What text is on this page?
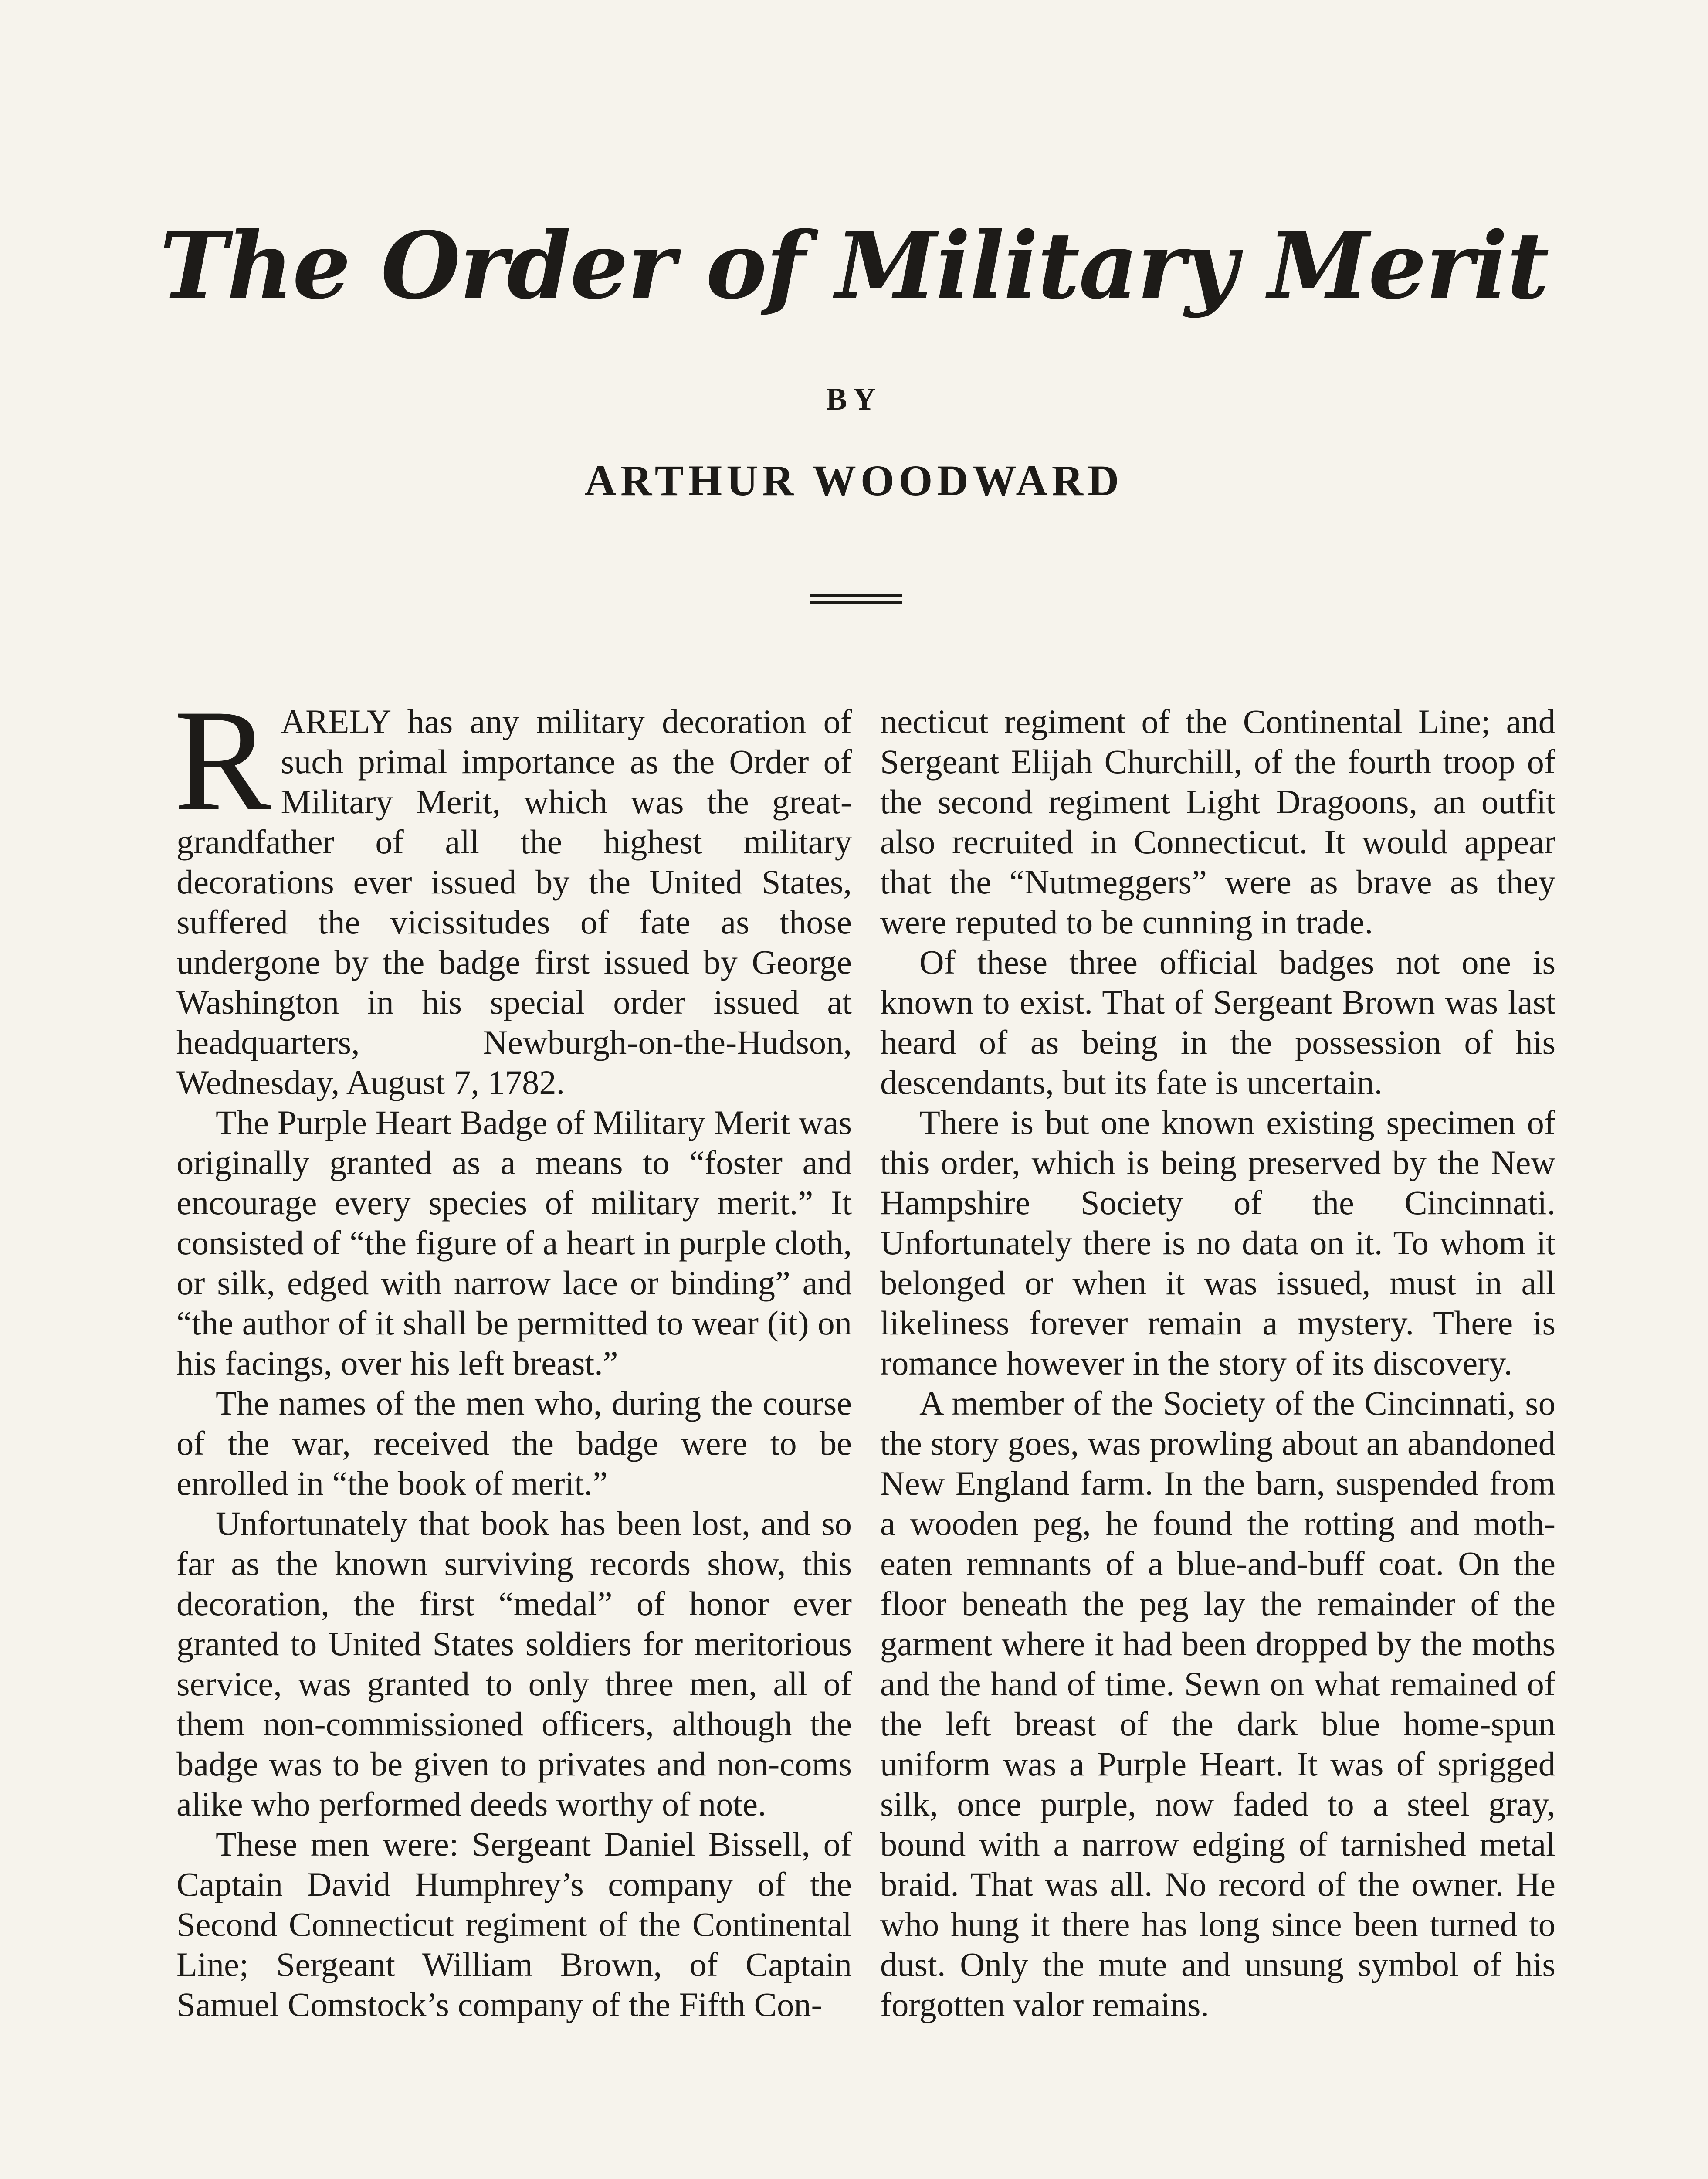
The Order of Military Merit
BY
ARTHUR WOODWARD

RARELY has any military decoration of such primal importance as the Order of Military Merit, which was the great-grandfather of all the highest military decorations ever issued by the United States, suffered the vicissitudes of fate as those undergone by the badge first issued by George Washington in his special order issued at headquarters, Newburgh-on-the-Hudson, Wednesday, August 7, 1782.

The Purple Heart Badge of Military Merit was originally granted as a means to “foster and encourage every species of military merit.” It consisted of “the figure of a heart in purple cloth, or silk, edged with narrow lace or binding” and “the author of it shall be permitted to wear (it) on his facings, over his left breast.”

The names of the men who, during the course of the war, received the badge were to be enrolled in “the book of merit.”

Unfortunately that book has been lost, and so far as the known surviving records show, this decoration, the first “medal” of honor ever granted to United States soldiers for meritorious service, was granted to only three men, all of them non-commissioned officers, although the badge was to be given to privates and non-coms alike who performed deeds worthy of note.

These men were: Sergeant Daniel Bissell, of Captain David Humphrey’s company of the Second Connecticut regiment of the Continental Line; Sergeant William Brown, of Captain Samuel Comstock’s company of the Fifth Con-

necticut regiment of the Continental Line; and Sergeant Elijah Churchill, of the fourth troop of the second regiment Light Dragoons, an outfit also recruited in Connecticut. It would appear that the “Nutmeggers” were as brave as they were reputed to be cunning in trade.

Of these three official badges not one is known to exist. That of Sergeant Brown was last heard of as being in the possession of his descendants, but its fate is uncertain.

There is but one known existing specimen of this order, which is being preserved by the New Hampshire Society of the Cincinnati. Unfortunately there is no data on it. To whom it belonged or when it was issued, must in all likeliness forever remain a mystery. There is romance however in the story of its discovery.

A member of the Society of the Cincinnati, so the story goes, was prowling about an abandoned New England farm. In the barn, suspended from a wooden peg, he found the rotting and moth-eaten remnants of a blue-and-buff coat. On the floor beneath the peg lay the remainder of the garment where it had been dropped by the moths and the hand of time. Sewn on what remained of the left breast of the dark blue home-spun uniform was a Purple Heart. It was of sprigged silk, once purple, now faded to a steel gray, bound with a narrow edging of tarnished metal braid. That was all. No record of the owner. He who hung it there has long since been turned to dust. Only the mute and unsung symbol of his forgotten valor remains.
